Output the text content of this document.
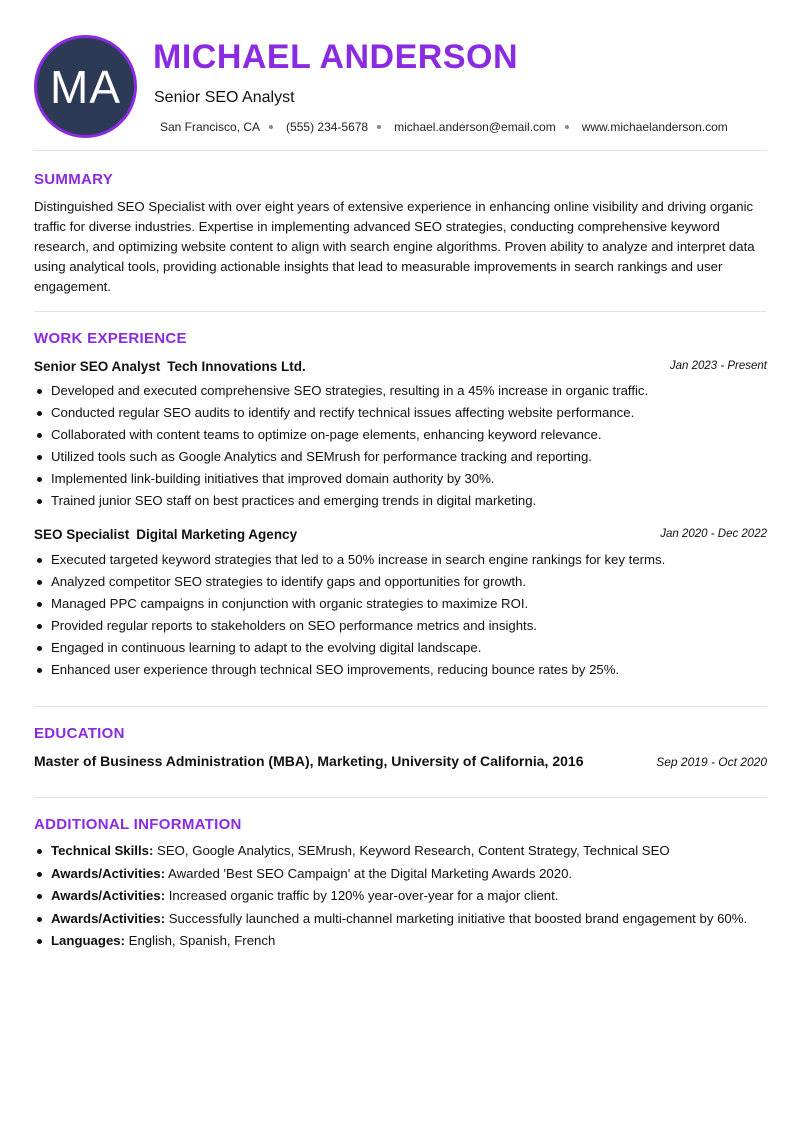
MA
MICHAEL ANDERSON
Senior SEO Analyst
San Francisco, CA (555) 234-5678 michael.anderson@email.com www.michaelanderson.com
SUMMARY

Distinguished SEO Specialist with over eight years of extensive experience in enhancing online visibility and driving organic traffic for diverse industries. Expertise in implementing advanced SEO strategies, conducting comprehensive keyword research, and optimizing website content to align with search engine algorithms. Proven ability to analyze and interpret data using analytical tools, providing actionable insights that lead to measurable improvements in search rankings and user engagement.

WORK EXPERIENCE
Senior SEO Analyst Tech Innovations Ltd.	Jan 2023 - Present
Developed and executed comprehensive SEO strategies, resulting in a 45% increase in organic traffic.
Conducted regular SEO audits to identify and rectify technical issues affecting website performance.
Collaborated with content teams to optimize on-page elements, enhancing keyword relevance.
Utilized tools such as Google Analytics and SEMrush for performance tracking and reporting.
Implemented link-building initiatives that improved domain authority by 30%.
Trained junior SEO staff on best practices and emerging trends in digital marketing.
SEO Specialist Digital Marketing Agency	Jan 2020 - Dec 2022
Executed targeted keyword strategies that led to a 50% increase in search engine rankings for key terms.
Analyzed competitor SEO strategies to identify gaps and opportunities for growth.
Managed PPC campaigns in conjunction with organic strategies to maximize ROI.
Provided regular reports to stakeholders on SEO performance metrics and insights.
Engaged in continuous learning to adapt to the evolving digital landscape.
Enhanced user experience through technical SEO improvements, reducing bounce rates by 25%.
EDUCATION
Master of Business Administration (MBA), Marketing, University of California, 2016	Sep 2019 - Oct 2020
ADDITIONAL INFORMATION
Technical Skills: SEO, Google Analytics, SEMrush, Keyword Research, Content Strategy, Technical SEO
Awards/Activities: Awarded 'Best SEO Campaign' at the Digital Marketing Awards 2020.
Awards/Activities: Increased organic traffic by 120% year-over-year for a major client.
Awards/Activities: Successfully launched a multi-channel marketing initiative that boosted brand engagement by 60%.
Languages: English, Spanish, French
